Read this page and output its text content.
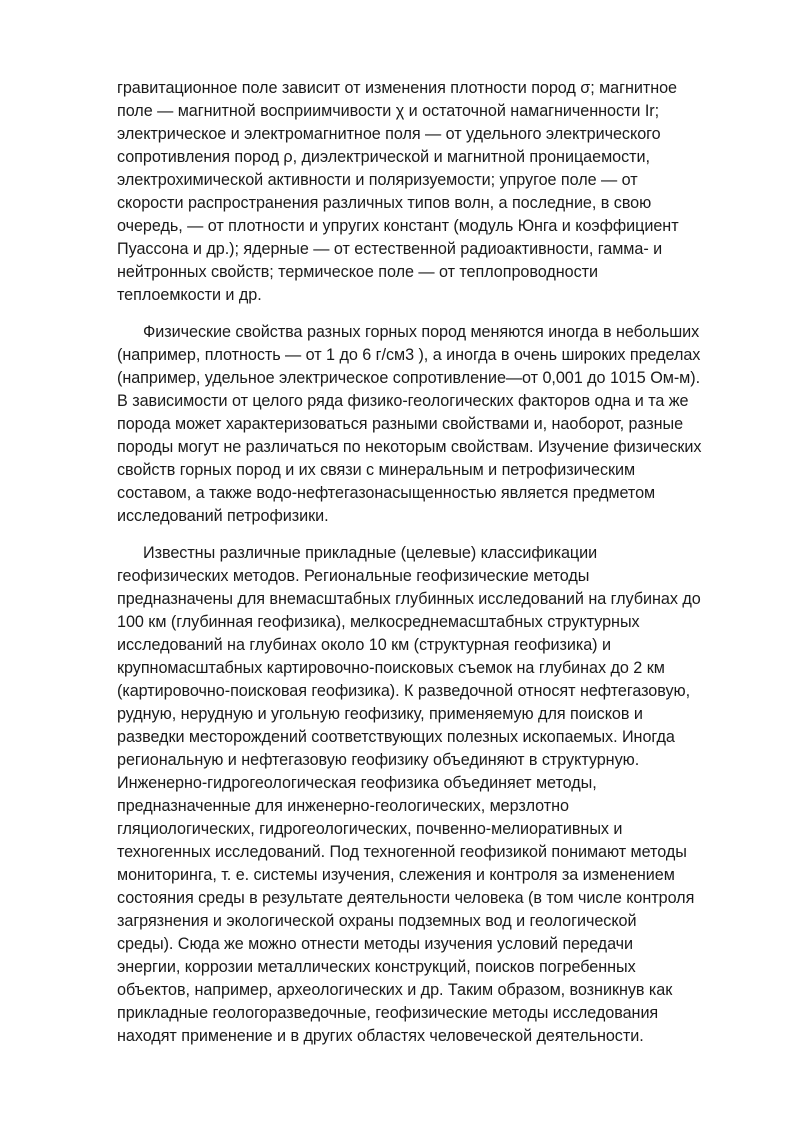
гравитационное поле зависит от изменения плотности пород σ; магнитное
поле — магнитной восприимчивости χ и остаточной намагниченности Ir;
электрическое и электромагнитное поля — от удельного электрического
сопротивления пород ρ, диэлектрической и магнитной проницаемости,
электрохимической активности и поляризуемости; упругое поле — от
скорости распространения различных типов волн, а последние, в свою
очередь, — от плотности и упругих констант (модуль Юнга и коэффициент
Пуассона и др.); ядерные — от естественной радиоактивности, гамма- и
нейтронных свойств; термическое поле — от теплопроводности
теплоемкости и др.

Физические свойства разных горных пород меняются иногда в небольших
(например, плотность — от 1 до 6 г/см3 ), а иногда в очень широких пределах
(например, удельное электрическое сопротивление—от 0,001 до 1015 Ом-м).
В зависимости от целого ряда физико-геологических факторов одна и та же
порода может характеризоваться разными свойствами и, наоборот, разные
породы могут не различаться по некоторым свойствам. Изучение физических
свойств горных пород и их связи с минеральным и петрофизическим
составом, а также водо-нефтегазонасыщенностью является предметом
исследований петрофизики.

Известны различные прикладные (целевые) классификации
геофизических методов. Региональные геофизические методы
предназначены для внемасштабных глубинных исследований на глубинах до
100 км (глубинная геофизика), мелкосреднемасштабных структурных
исследований на глубинах около 10 км (структурная геофизика) и
крупномасштабных картировочно-поисковых съемок на глубинах до 2 км
(картировочно-поисковая геофизика). К разведочной относят нефтегазовую,
рудную, нерудную и угольную геофизику, применяемую для поисков и
разведки месторождений соответствующих полезных ископаемых. Иногда
региональную и нефтегазовую геофизику объединяют в структурную.
Инженерно-гидрогеологическая геофизика объединяет методы,
предназначенные для инженерно-геологических, мерзлотно
гляциологических, гидрогеологических, почвенно-мелиоративных и
техногенных исследований. Под техногенной геофизикой понимают методы
мониторинга, т. е. системы изучения, слежения и контроля за изменением
состояния среды в результате деятельности человека (в том числе контроля
загрязнения и экологической охраны подземных вод и геологической
среды). Сюда же можно отнести методы изучения условий передачи
энергии, коррозии металлических конструкций, поисков погребенных
объектов, например, археологических и др. Таким образом, возникнув как
прикладные геологоразведочные, геофизические методы исследования
находят применение и в других областях человеческой деятельности.
